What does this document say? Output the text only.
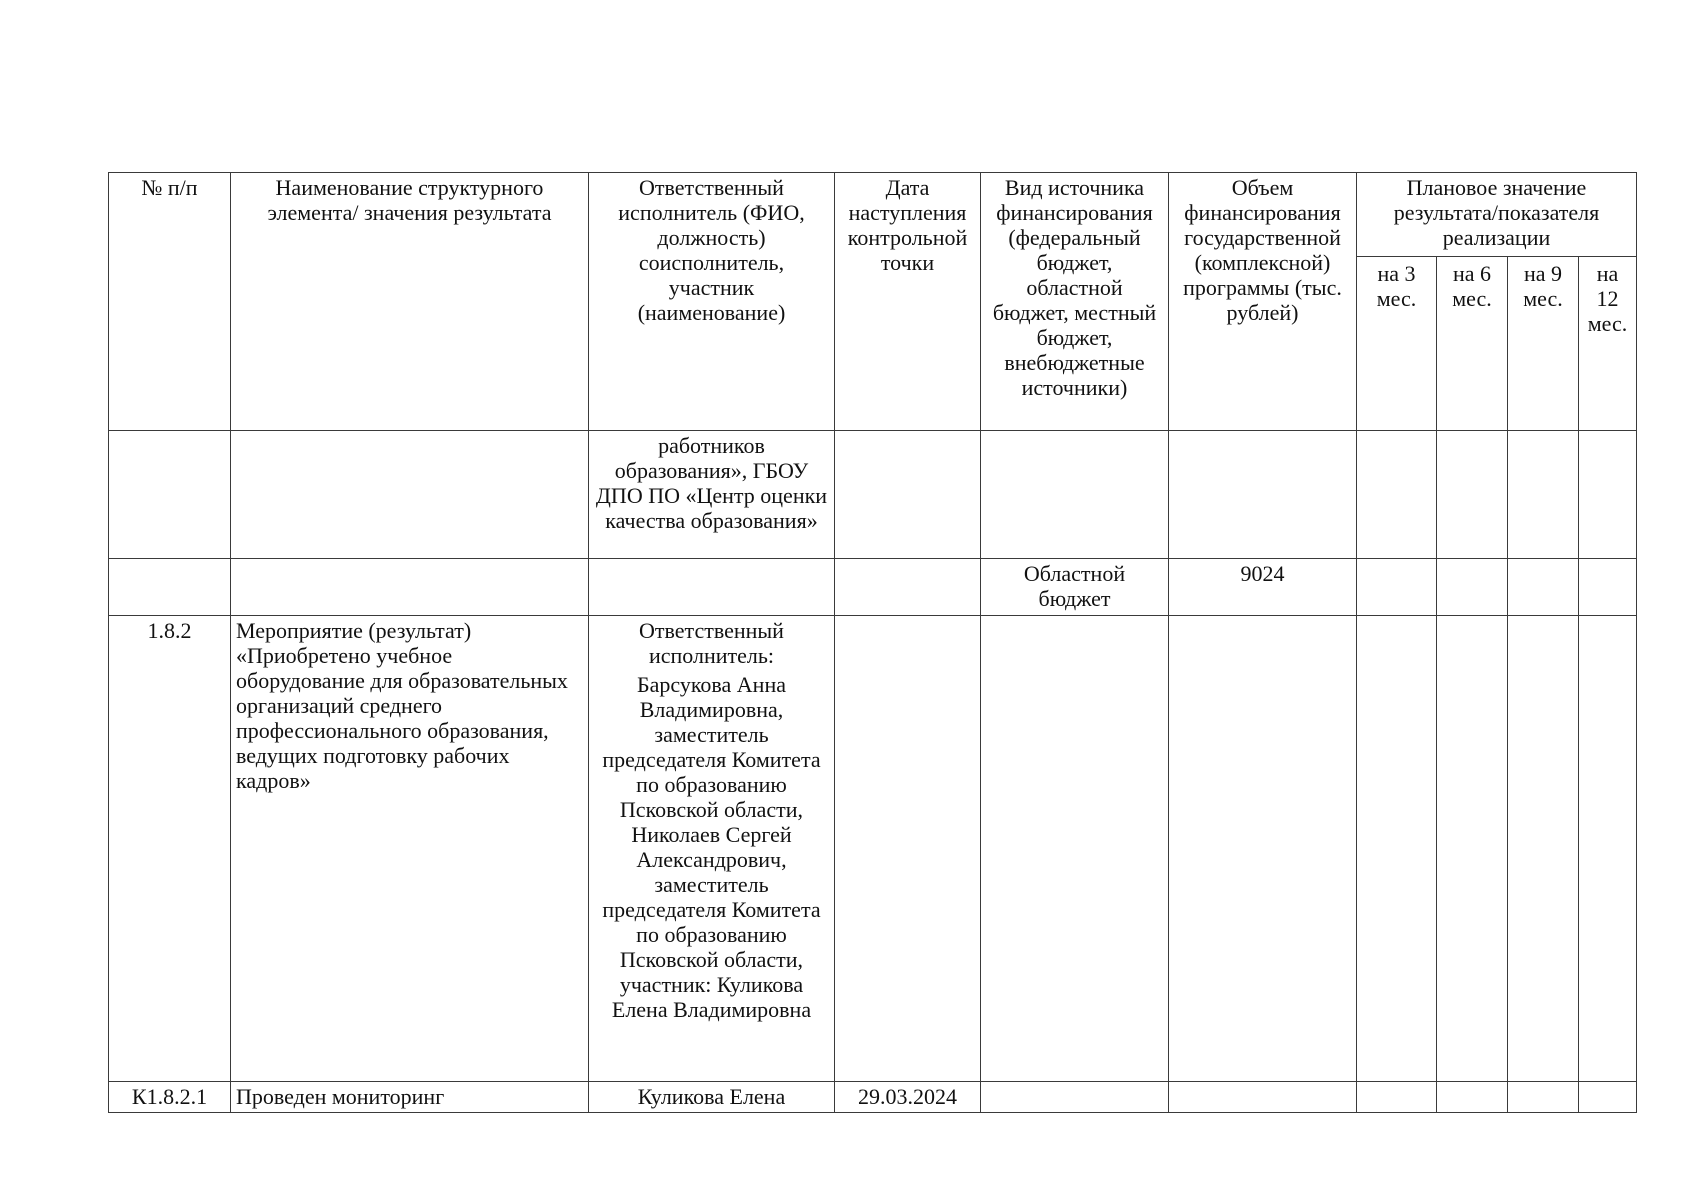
№ п/п	Наименование структурного элемента/ значения результата	Ответственный исполнитель (ФИО, должность) соисполнитель, участник (наименование)	Дата наступления контрольной точки	Вид источника финансирования (федеральный бюджет, областной бюджет, местный бюджет, внебюджетные источники)	Объем финансирования государственной (комплексной) программы (тыс. рублей)	Плановое значение результата/показателя реализации			
						на 3 мес.	на 6 мес.	на 9 мес.	на 12 мес.
		работников образования», ГБОУ ДПО ПО «Центр оценки качества образования»							
				Областной бюджет	9024				
1.8.2	Мероприятие (результат) «Приобретено учебное оборудование для образовательных организаций среднего профессионального образования, ведущих подготовку рабочих кадров»	Ответственный исполнитель:
Барсукова Анна Владимировна, заместитель председателя Комитета по образованию Псковской области, Николаев Сергей Александрович, заместитель председателя Комитета по образованию Псковской области, участник: Куликова Елена Владимировна							

К1.8.2.1	Проведен мониторинг	Куликова Елена	29.03.2024						
